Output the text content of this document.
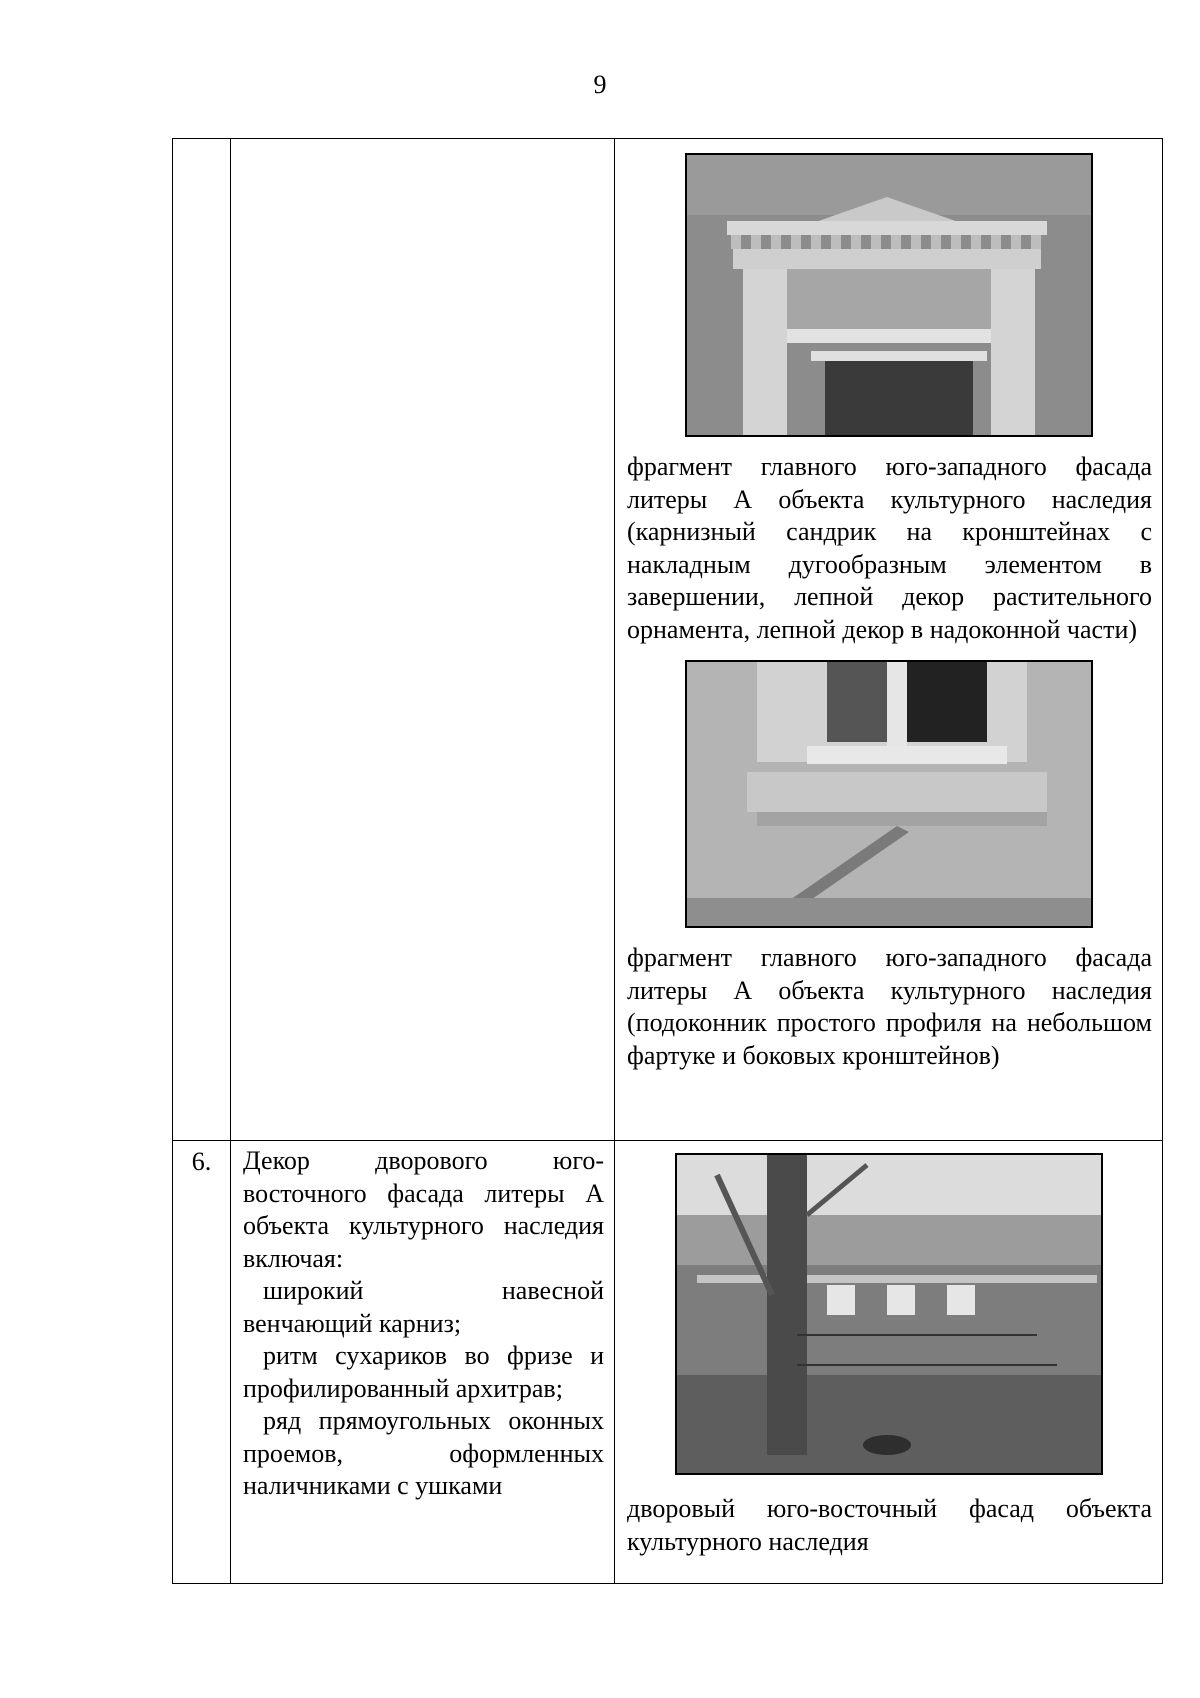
9

		фрагмент главного юго-западного фасада литеры А объекта культурного наследия (карнизный сандрик на кронштейнах с накладным дугообразным элементом в завершении, лепной декор растительного орнамента, лепной декор в надоконной части)
фрагмент главного юго-западного фасада литеры А объекта культурного наследия (подоконник простого профиля на небольшом фартуке и боковых кронштейнов)

6.	Декор дворового юго-восточного фасада литеры А объекта культурного наследия включая:

широкий навесной венчающий карниз;

ритм сухариков во фризе и профилированный архитрав;

ряд прямоугольных оконных проемов, оформленных наличниками с ушками	дворовый юго-восточный фасад объекта культурного наследия
